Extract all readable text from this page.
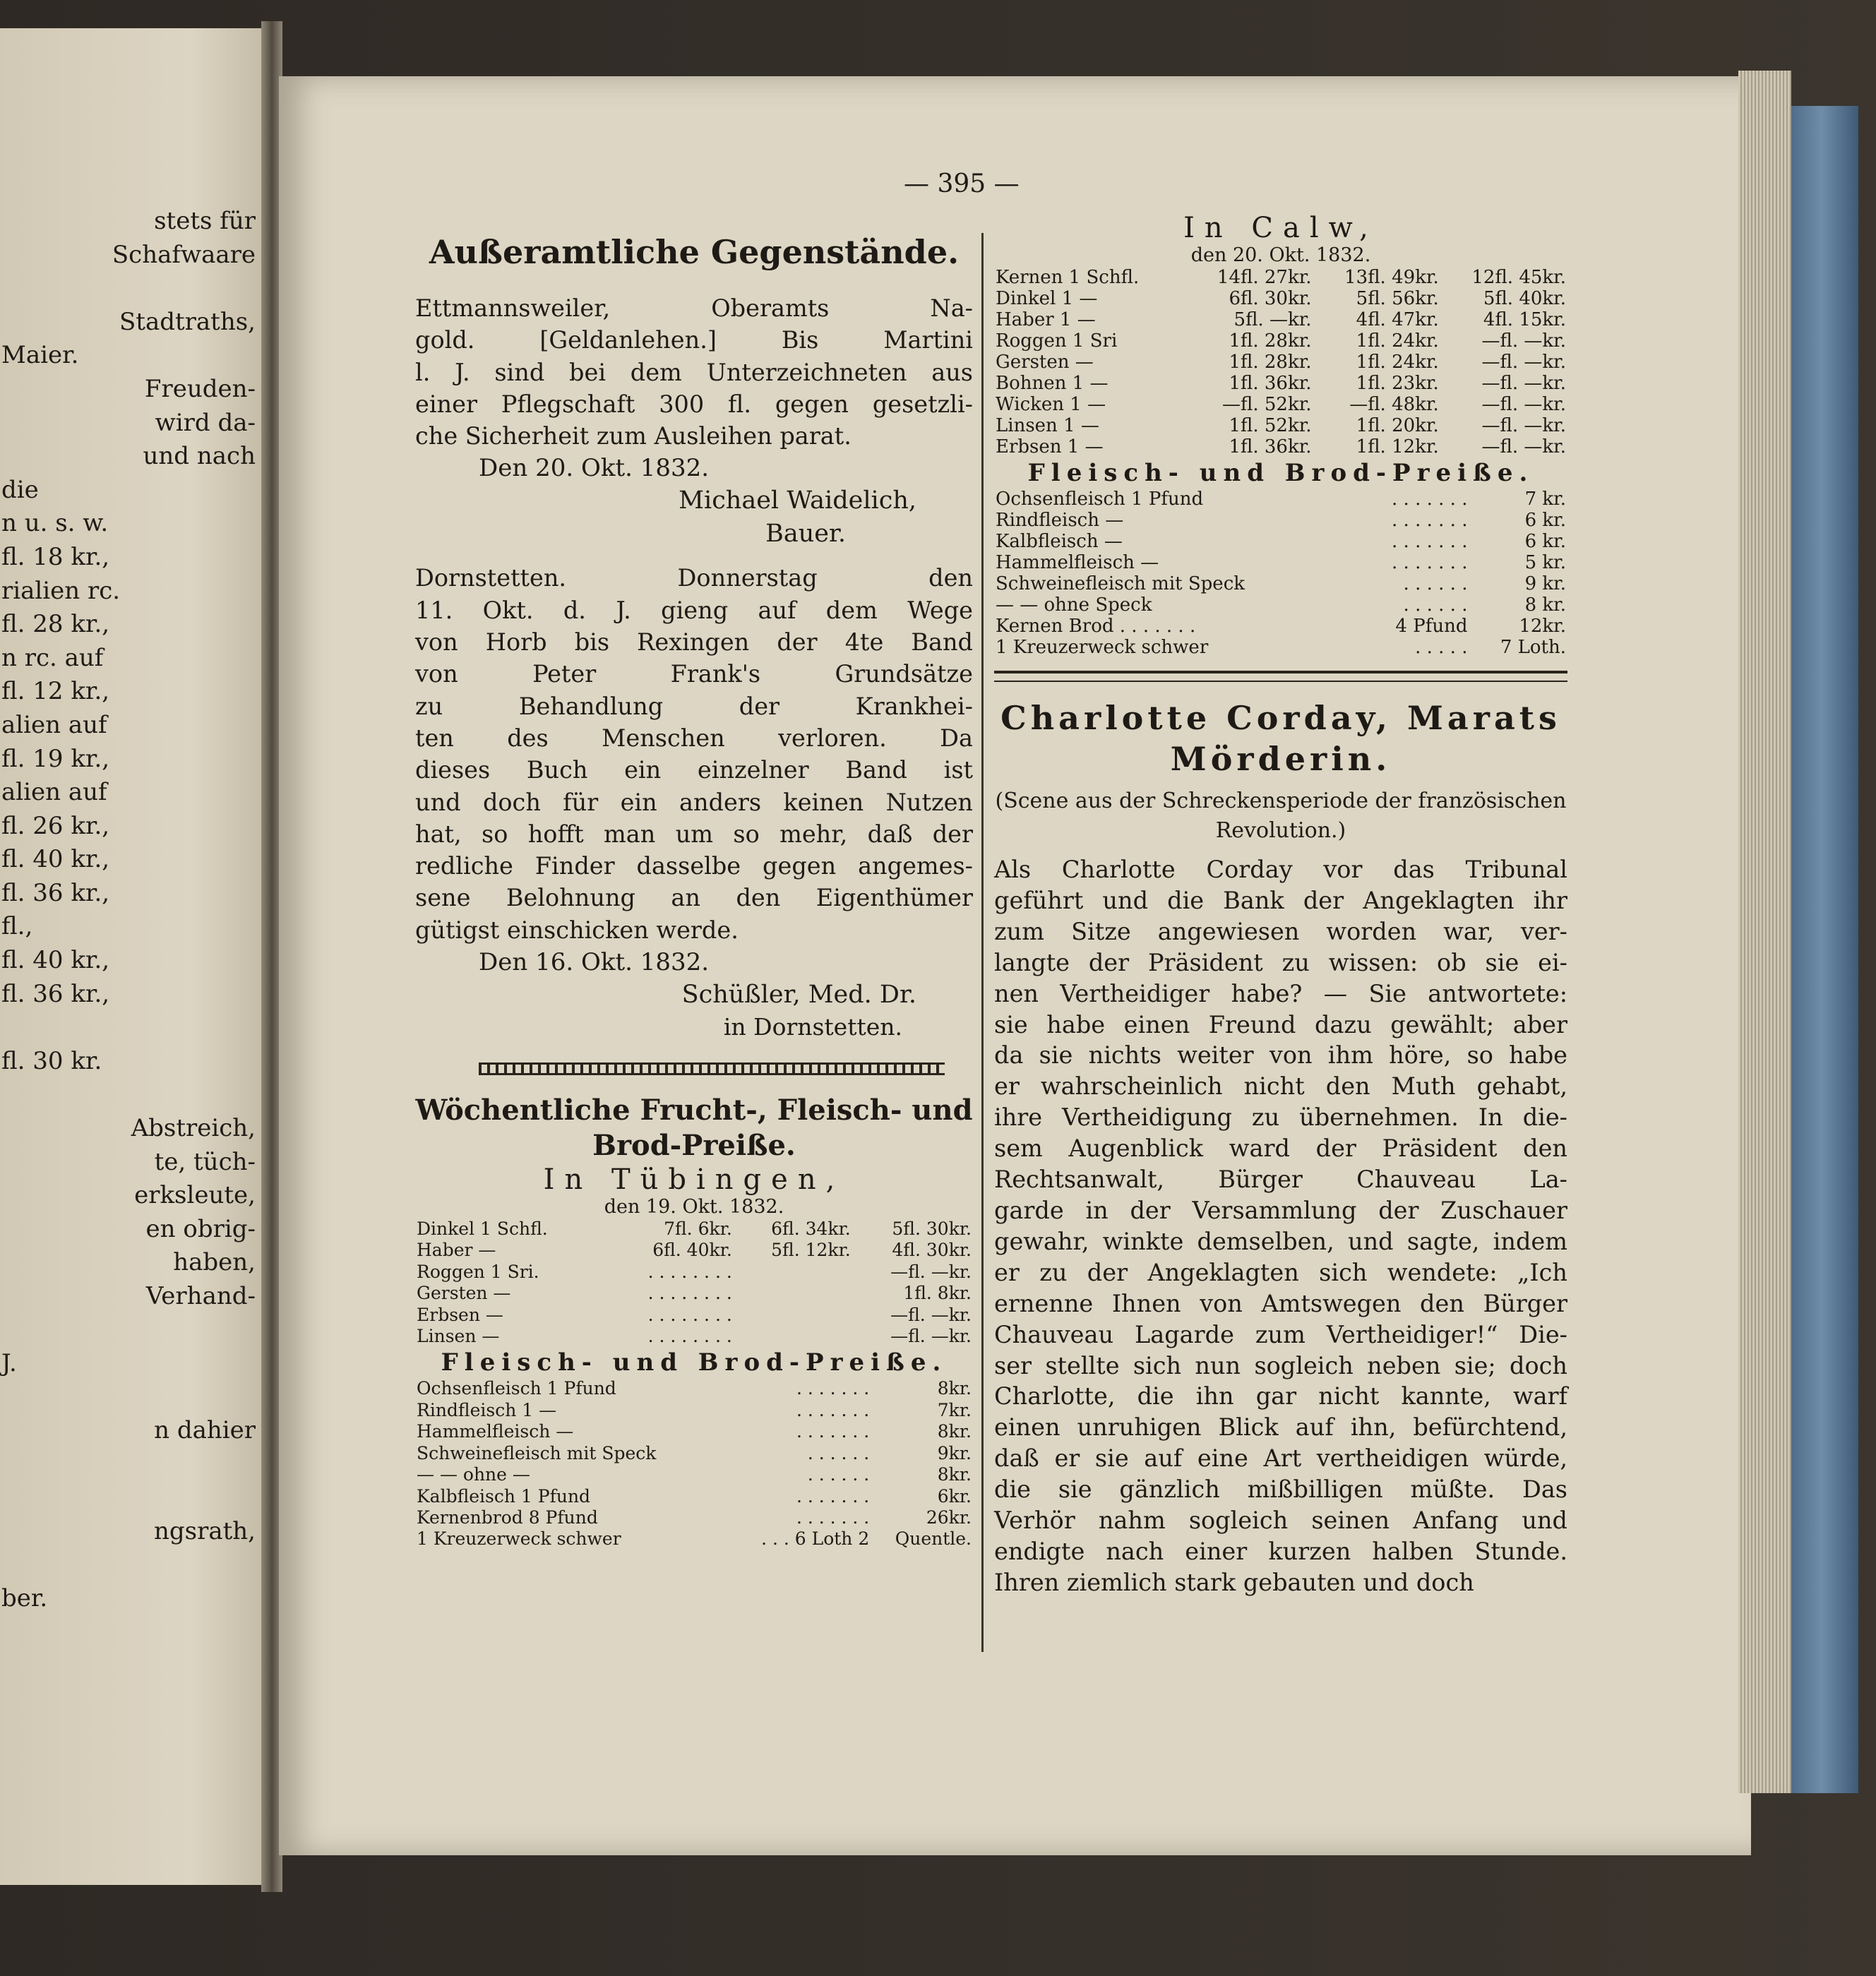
stets für
Schafwaare
Stadtraths,
Maier.
Freuden-
wird da-
und nach
die
n u. s. w.
fl. 18 kr.,
rialien rc.
fl. 28 kr.,
n rc. auf
fl. 12 kr.,
alien auf
fl. 19 kr.,
alien auf
fl. 26 kr.,
fl. 40 kr.,
fl. 36 kr.,
fl.,
fl. 40 kr.,
fl. 36 kr.,
fl. 30 kr.
Abstreich,
te, tüch-
erksleute,
en obrig-
haben,
Verhand-
J.
n dahier
ngsrath,
ber.
— 395 —
Außeramtliche Gegenstände.
Ettmannsweiler, Oberamts Na-
gold. [Geldanlehen.] Bis Martini
l. J. sind bei dem Unterzeichneten aus
einer Pflegschaft 300 fl. gegen gesetzli-
che Sicherheit zum Ausleihen parat.
Den 20. Okt. 1832.
Michael Waidelich,
Bauer.
Dornstetten. Donnerstag den
11. Okt. d. J. gieng auf dem Wege
von Horb bis Rexingen der 4te Band
von Peter Frank's Grundsätze
zu Behandlung der Krankhei-
ten des Menschen verloren. Da
dieses Buch ein einzelner Band ist
und doch für ein anders keinen Nutzen
hat, so hofft man um so mehr, daß der
redliche Finder dasselbe gegen angemes-
sene Belohnung an den Eigenthümer
gütigst einschicken werde.
Den 16. Okt. 1832.
Schüßler, Med. Dr.
in Dornstetten.
Wöchentliche Frucht-, Fleisch- und
Brod-Preiße.
In Tübingen,
den 19. Okt. 1832.
Dinkel 1 Schfl.	7fl. 6kr.	6fl. 34kr.	5fl. 30kr.
Haber —	6fl. 40kr.	5fl. 12kr.	4fl. 30kr.
Roggen 1 Sri.	. . . . . . . .		—fl. —kr.
Gersten —	. . . . . . . .		1fl. 8kr.
Erbsen —	. . . . . . . .		—fl. —kr.
Linsen —	. . . . . . . .		—fl. —kr.
Fleisch- und Brod-Preiße.
Ochsenfleisch 1 Pfund	. . . . . . .	8kr.
Rindfleisch 1 —	. . . . . . .	7kr.
Hammelfleisch —	. . . . . . .	8kr.
Schweinefleisch mit Speck	. . . . . .	9kr.
— — ohne —	. . . . . .	8kr.
Kalbfleisch 1 Pfund	. . . . . . .	6kr.
Kernenbrod 8 Pfund	. . . . . . .	26kr.
1 Kreuzerweck schwer	. . . 6 Loth 2	Quentle.
In Calw,
den 20. Okt. 1832.
Kernen 1 Schfl.	14fl. 27kr.	13fl. 49kr.	12fl. 45kr.
Dinkel 1 —	6fl. 30kr.	5fl. 56kr.	5fl. 40kr.
Haber 1 —	5fl. —kr.	4fl. 47kr.	4fl. 15kr.
Roggen 1 Sri	1fl. 28kr.	1fl. 24kr.	—fl. —kr.
Gersten —	1fl. 28kr.	1fl. 24kr.	—fl. —kr.
Bohnen 1 —	1fl. 36kr.	1fl. 23kr.	—fl. —kr.
Wicken 1 —	—fl. 52kr.	—fl. 48kr.	—fl. —kr.
Linsen 1 —	1fl. 52kr.	1fl. 20kr.	—fl. —kr.
Erbsen 1 —	1fl. 36kr.	1fl. 12kr.	—fl. —kr.
Fleisch- und Brod-Preiße.
Ochsenfleisch 1 Pfund	. . . . . . .	7 kr.
Rindfleisch —	. . . . . . .	6 kr.
Kalbfleisch —	. . . . . . .	6 kr.
Hammelfleisch —	. . . . . . .	5 kr.
Schweinefleisch mit Speck	. . . . . .	9 kr.
— — ohne Speck	. . . . . .	8 kr.
Kernen Brod . . . . . . .	4 Pfund	12kr.
1 Kreuzerweck schwer	. . . . .	7 Loth.
Charlotte Corday, Marats
Mörderin.
(Scene aus der Schreckensperiode der französischen Revolution.)
Als Charlotte Corday vor das Tribunal
geführt und die Bank der Angeklagten ihr
zum Sitze angewiesen worden war, ver-
langte der Präsident zu wissen: ob sie ei-
nen Vertheidiger habe? — Sie antwortete:
sie habe einen Freund dazu gewählt; aber
da sie nichts weiter von ihm höre, so habe
er wahrscheinlich nicht den Muth gehabt,
ihre Vertheidigung zu übernehmen. In die-
sem Augenblick ward der Präsident den
Rechtsanwalt, Bürger Chauveau La-
garde in der Versammlung der Zuschauer
gewahr, winkte demselben, und sagte, indem
er zu der Angeklagten sich wendete: „Ich
ernenne Ihnen von Amtswegen den Bürger
Chauveau Lagarde zum Vertheidiger!“ Die-
ser stellte sich nun sogleich neben sie; doch
Charlotte, die ihn gar nicht kannte, warf
einen unruhigen Blick auf ihn, befürchtend,
daß er sie auf eine Art vertheidigen würde,
die sie gänzlich mißbilligen müßte. Das
Verhör nahm sogleich seinen Anfang und
endigte nach einer kurzen halben Stunde.
Ihren ziemlich stark gebauten und doch
